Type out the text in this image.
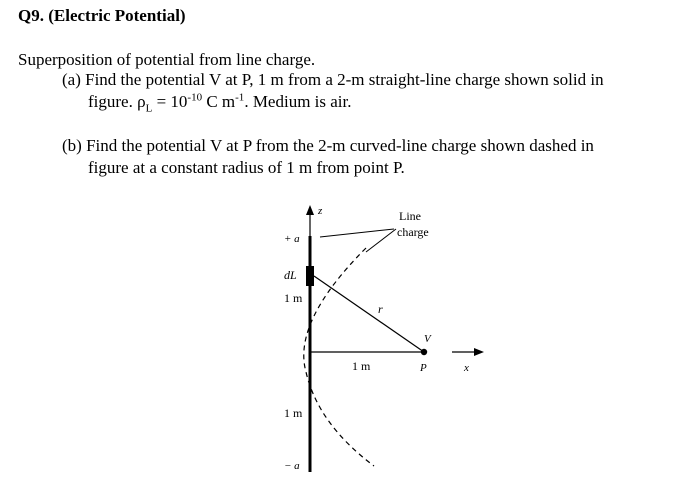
Q9. (Electric Potential)
Superposition of potential from line charge.
(a) Find the potential V at P, 1 m from a 2-m straight-line charge shown solid in
figure. $\rho_L = 10^{-10}$ C $m^{-1}$. Medium is air.
(b) Find the potential V at P from the 2-m curved-line charge shown dashed in
figure at a constant radius of 1 m from point P.
z
+ a
dL
1 m
1 m
− a
Line
charge
r
1 m
V
P	x
